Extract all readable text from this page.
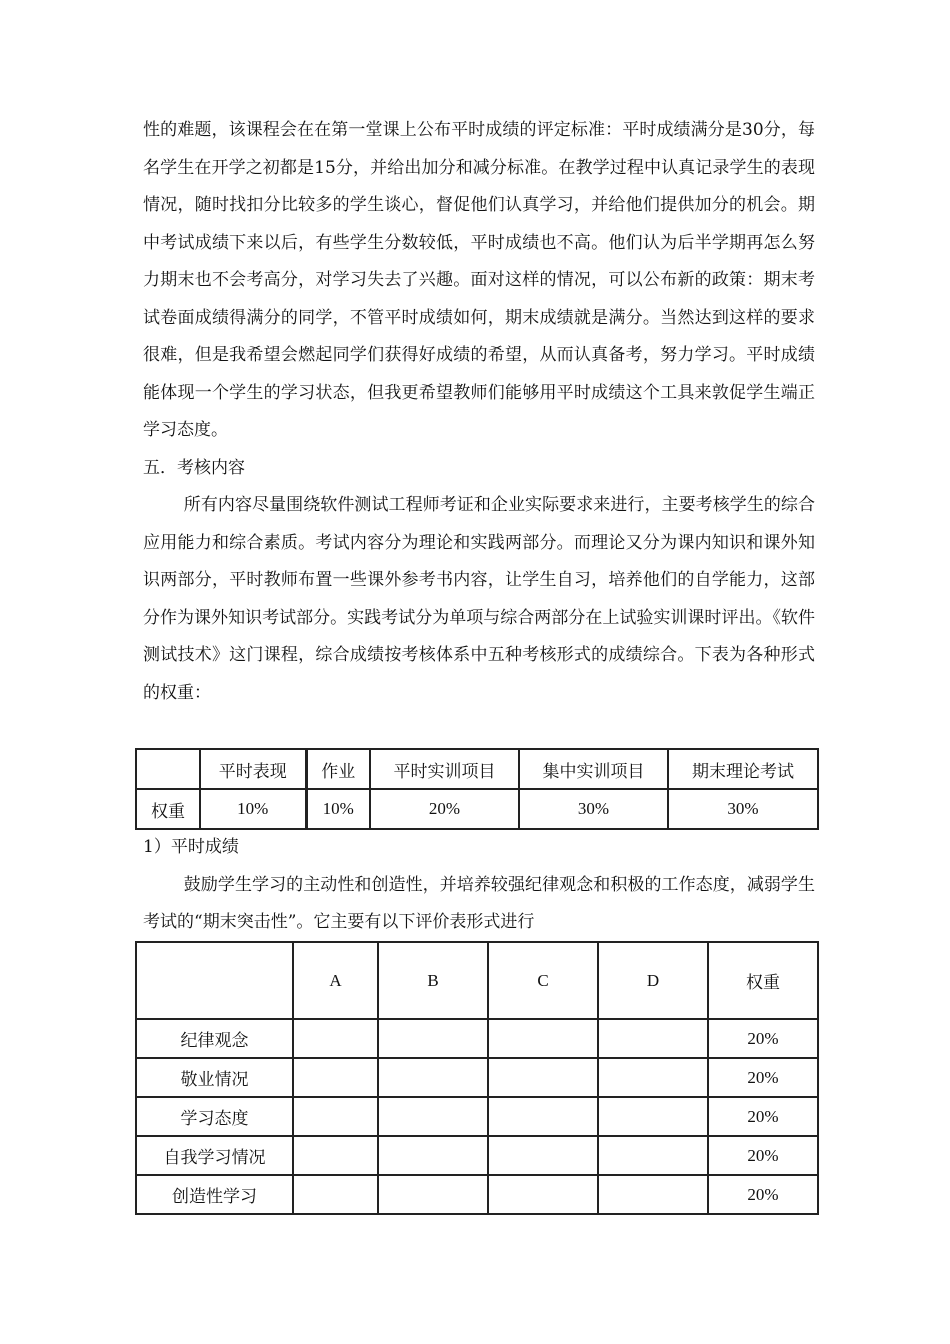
性的难题，该课程会在在第一堂课上公布平时成绩的评定标准：平时成绩满分是30分，每名学生在开学之初都是15分，并给出加分和减分标准。在教学过程中认真记录学生的表现情况，随时找扣分比较多的学生谈心，督促他们认真学习，并给他们提供加分的机会。期中考试成绩下来以后，有些学生分数较低，平时成绩也不高。他们认为后半学期再怎么努力期末也不会考高分，对学习失去了兴趣。面对这样的情况，可以公布新的政策：期末考试卷面成绩得满分的同学，不管平时成绩如何，期末成绩就是满分。当然达到这样的要求很难，但是我希望会燃起同学们获得好成绩的希望，从而认真备考，努力学习。平时成绩能体现一个学生的学习状态，但我更希望教师们能够用平时成绩这个工具来敦促学生端正学习态度。

五．考核内容

所有内容尽量围绕软件测试工程师考证和企业实际要求来进行，主要考核学生的综合应用能力和综合素质。考试内容分为理论和实践两部分。而理论又分为课内知识和课外知识两部分，平时教师布置一些课外参考书内容，让学生自习，培养他们的自学能力，这部分作为课外知识考试部分。实践考试分为单项与综合两部分在上试验实训课时评出。《软件测试技术》这门课程，综合成绩按考核体系中五种考核形式的成绩综合。下表为各种形式的权重：

	平时表现	作业	平时实训项目	集中实训项目	期末理论考试
权重	10%	10%	20%	30%	30%

1）平时成绩

鼓励学生学习的主动性和创造性，并培养较强纪律观念和积极的工作态度，减弱学生考试的“期末突击性”。它主要有以下评价表形式进行

	A	B	C	D	权重
纪律观念					20%
敬业情况					20%
学习态度					20%
自我学习情况					20%
创造性学习					20%
